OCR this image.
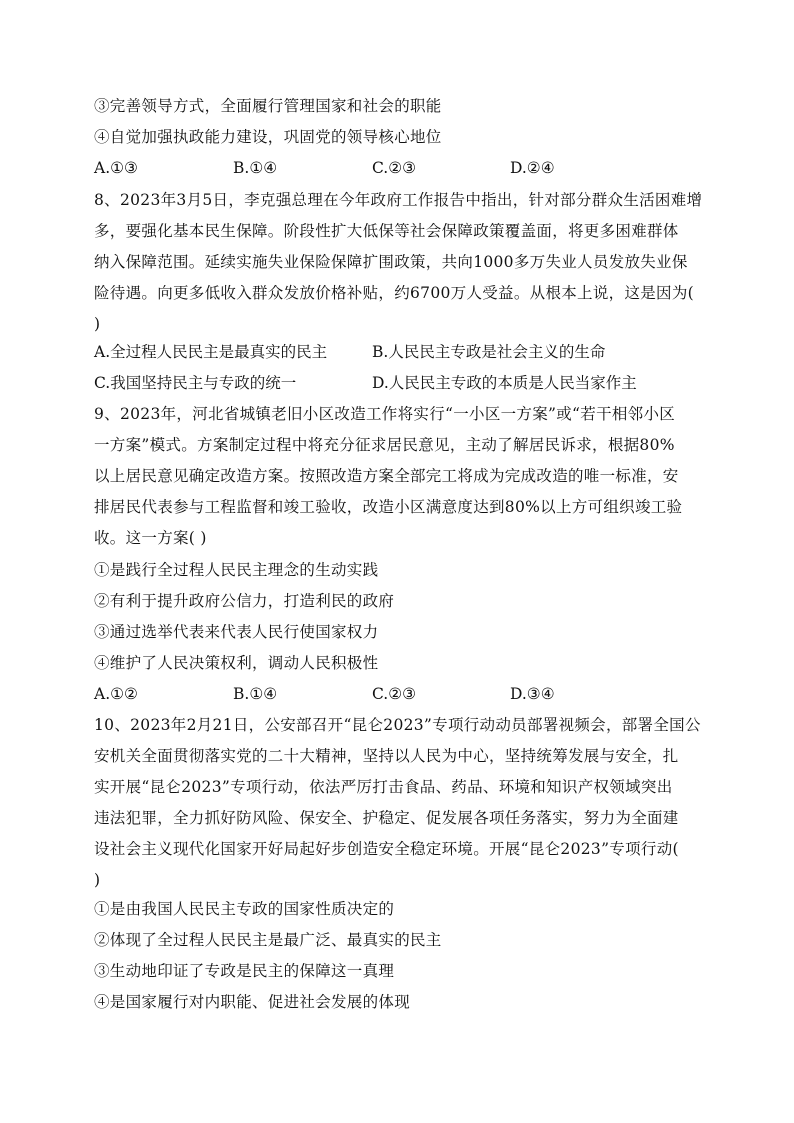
③完善领导方式，全面履行管理国家和社会的职能
④自觉加强执政能力建设，巩固党的领导核心地位
A.①③	B.①④	C.②③	D.②④
8、2023年3月5日，李克强总理在今年政府工作报告中指出，针对部分群众生活困难增
多，要强化基本民生保障。阶段性扩大低保等社会保障政策覆盖面，将更多困难群体
纳入保障范围。延续实施失业保险保障扩围政策，共向1000多万失业人员发放失业保
险待遇。向更多低收入群众发放价格补贴，约6700万人受益。从根本上说，这是因为(
)
A.全过程人民民主是最真实的民主	B.人民民主专政是社会主义的生命
C.我国坚持民主与专政的统一	D.人民民主专政的本质是人民当家作主
9、2023年，河北省城镇老旧小区改造工作将实行“一小区一方案”或“若干相邻小区
一方案”模式。方案制定过程中将充分征求居民意见，主动了解居民诉求，根据80%
以上居民意见确定改造方案。按照改造方案全部完工将成为完成改造的唯一标准，安
排居民代表参与工程监督和竣工验收，改造小区满意度达到80%以上方可组织竣工验
收。这一方案( )
①是践行全过程人民民主理念的生动实践
②有利于提升政府公信力，打造利民的政府
③通过选举代表来代表人民行使国家权力
④维护了人民决策权利，调动人民积极性
A.①②	B.①④	C.②③	D.③④
10、2023年2月21日，公安部召开“昆仑2023”专项行动动员部署视频会，部署全国公
安机关全面贯彻落实党的二十大精神，坚持以人民为中心，坚持统筹发展与安全，扎
实开展“昆仑2023”专项行动，依法严厉打击食品、药品、环境和知识产权领域突出
违法犯罪，全力抓好防风险、保安全、护稳定、促发展各项任务落实，努力为全面建
设社会主义现代化国家开好局起好步创造安全稳定环境。开展“昆仑2023”专项行动(
)
①是由我国人民民主专政的国家性质决定的
②体现了全过程人民民主是最广泛、最真实的民主
③生动地印证了专政是民主的保障这一真理
④是国家履行对内职能、促进社会发展的体现
